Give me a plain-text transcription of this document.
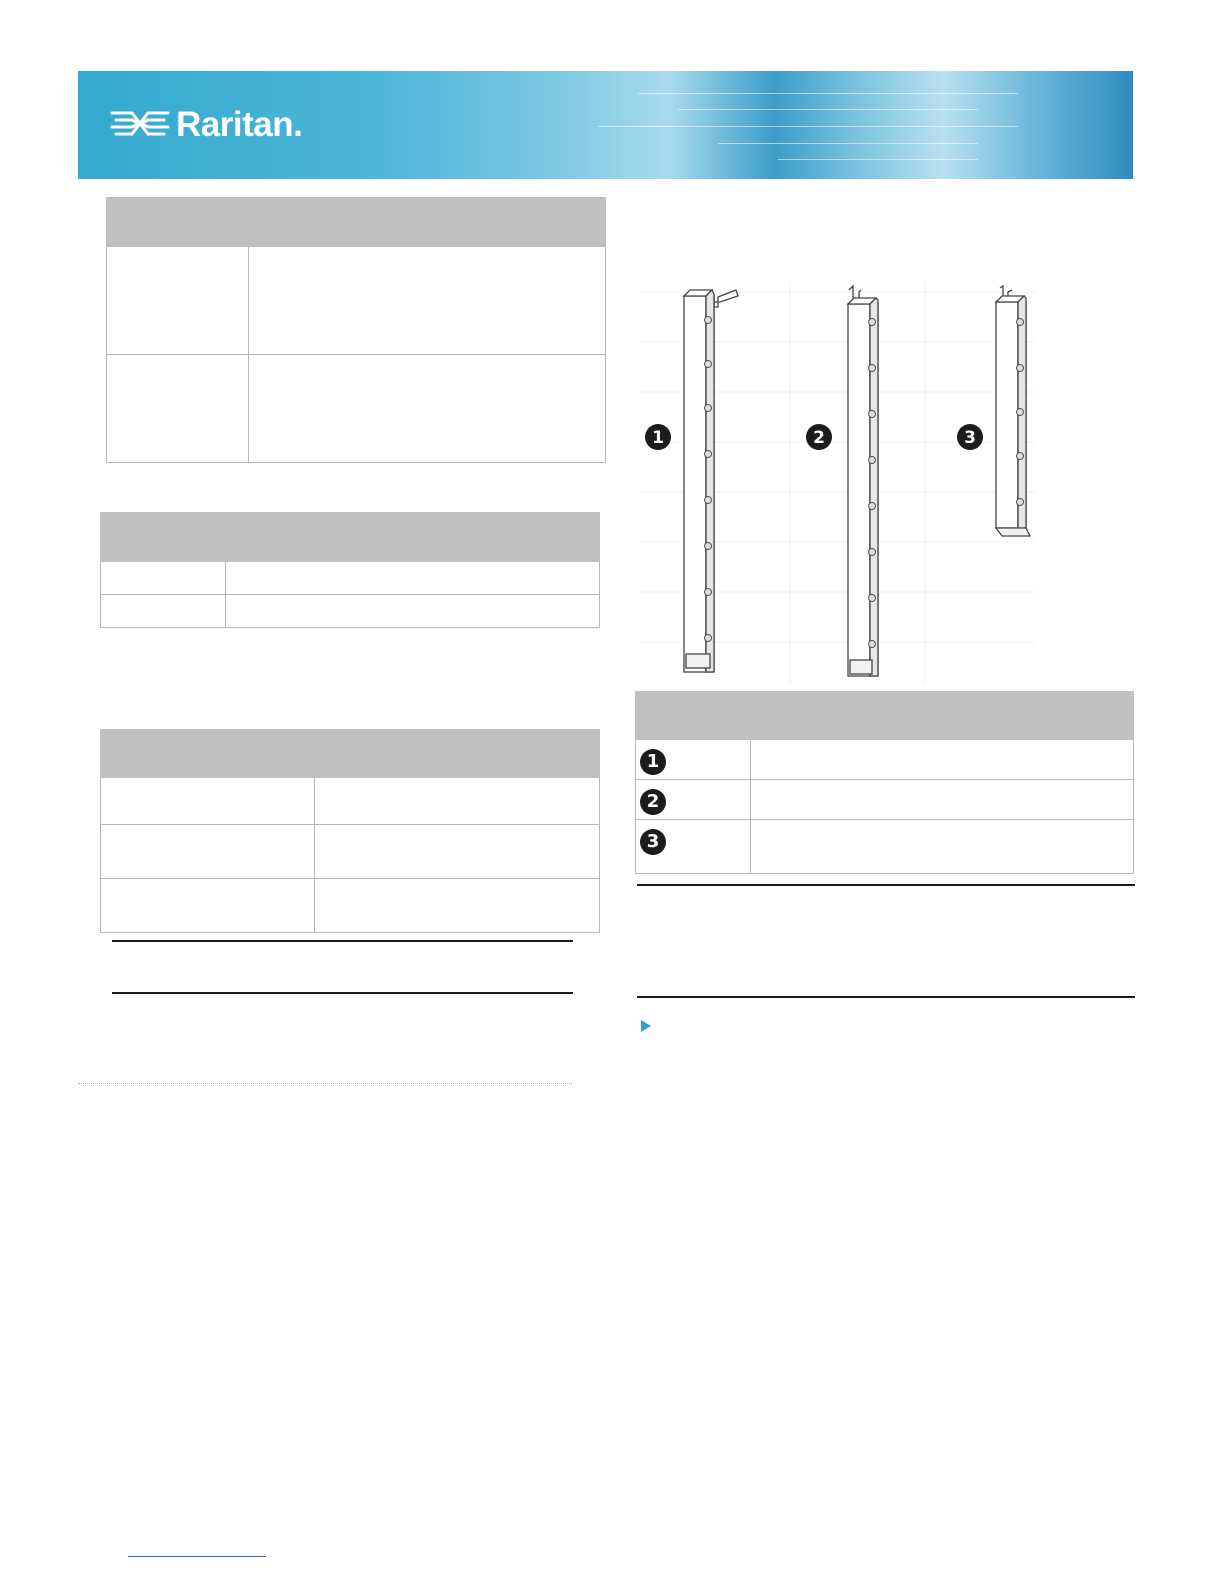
Raritan.

1	2	3

1	
2	
3	
